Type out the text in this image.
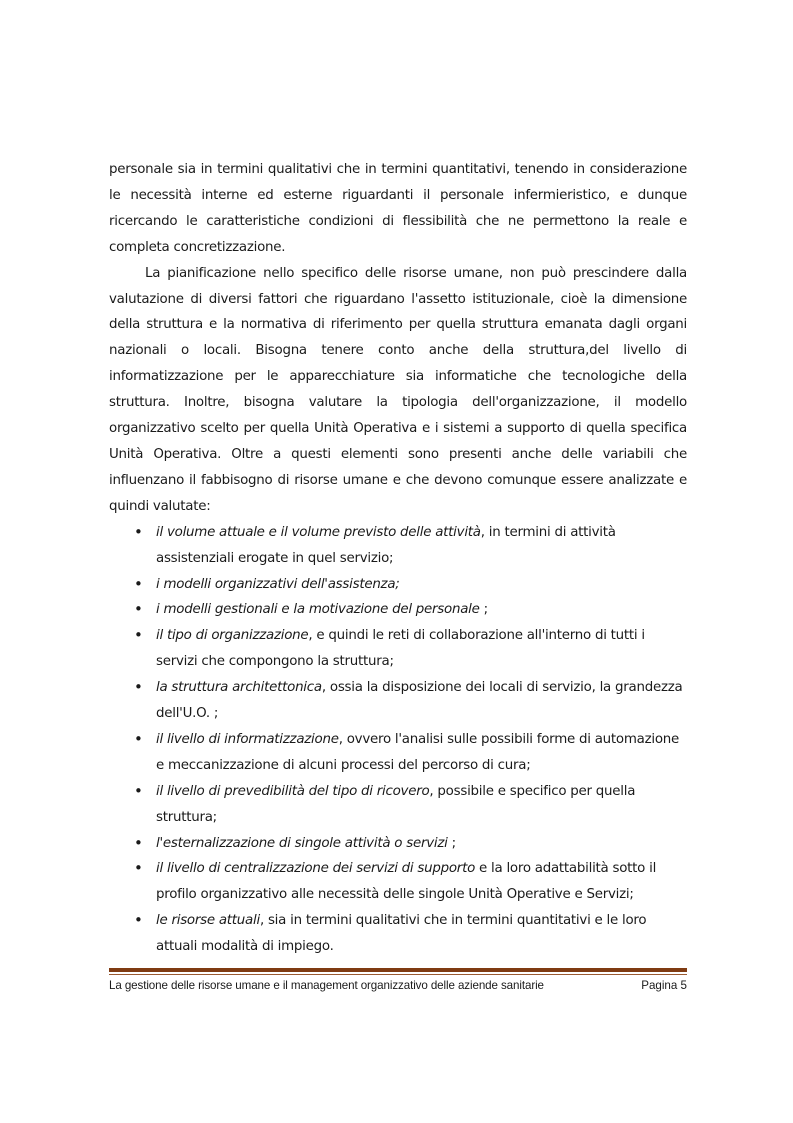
personale sia in termini qualitativi che in termini quantitativi, tenendo in considerazione le necessità interne ed esterne riguardanti il personale infermieristico, e dunque ricercando le caratteristiche condizioni di flessibilità che ne permettono la reale e completa concretizzazione.

La pianificazione nello specifico delle risorse umane, non può prescindere dalla valutazione di diversi fattori che riguardano l'assetto istituzionale, cioè la dimensione della struttura e la normativa di riferimento per quella struttura emanata dagli organi nazionali o locali. Bisogna tenere conto anche della struttura,del livello di informatizzazione per le apparecchiature sia informatiche che tecnologiche della struttura. Inoltre, bisogna valutare la tipologia dell'organizzazione, il modello organizzativo scelto per quella Unità Operativa e i sistemi a supporto di quella specifica Unità Operativa. Oltre a questi elementi sono presenti anche delle variabili che influenzano il fabbisogno di risorse umane e che devono comunque essere analizzate e quindi valutate:

• il volume attuale e il volume previsto delle attività, in termini di attività assistenziali erogate in quel servizio;
• i modelli organizzativi dell'assistenza;
• i modelli gestionali e la motivazione del personale ;
• il tipo di organizzazione, e quindi le reti di collaborazione all'interno di tutti i servizi che compongono la struttura;
• la struttura architettonica, ossia la disposizione dei locali di servizio, la grandezza dell'U.O. ;
• il livello di informatizzazione, ovvero l'analisi sulle possibili forme di automazione e meccanizzazione di alcuni processi del percorso di cura;
• il livello di prevedibilità del tipo di ricovero, possibile e specifico per quella struttura;
• l'esternalizzazione di singole attività o servizi ;
• il livello di centralizzazione dei servizi di supporto e la loro adattabilità sotto il profilo organizzativo alle necessità delle singole Unità Operative e Servizi;
• le risorse attuali, sia in termini qualitativi che in termini quantitativi e le loro attuali modalità di impiego.
La gestione delle risorse umane e il management organizzativo delle aziende sanitarie	Pagina 5
